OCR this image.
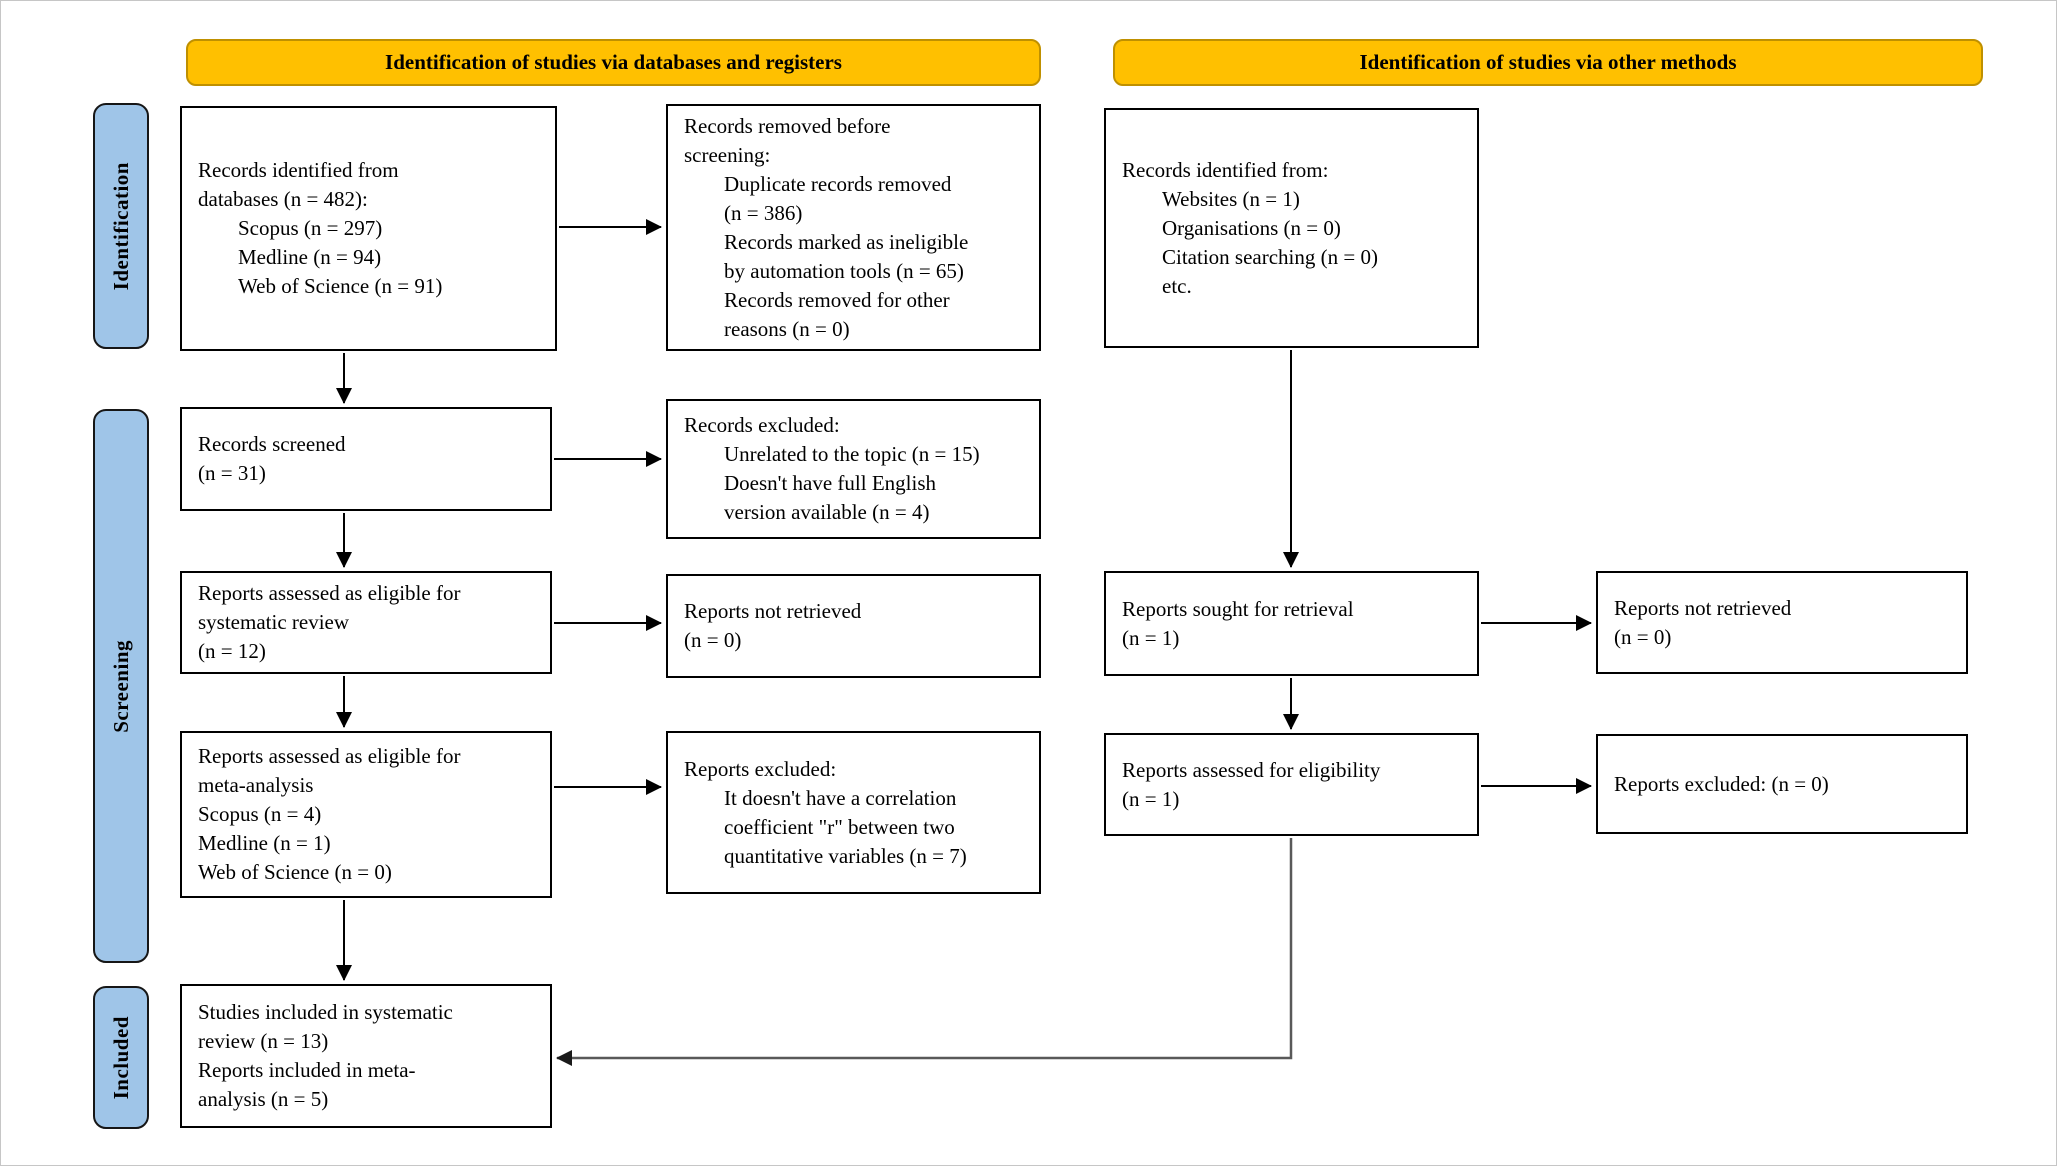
Identification of studies via databases and registers	Identification of studies via other methods
Identification
Screening
Included
Records identified from
databases (n = 482):
Scopus (n = 297)
Medline (n = 94)
Web of Science (n = 91)
Records removed before
screening:
Duplicate records removed
(n = 386)
Records marked as ineligible
by automation tools (n = 65)
Records removed for other
reasons (n = 0)
Records identified from:
Websites (n = 1)
Organisations (n = 0)
Citation searching (n = 0)
etc.
Records screened
(n = 31)
Records excluded:
Unrelated to the topic (n = 15)
Doesn't have full English
version available (n = 4)
Reports assessed as eligible for
systematic review
(n = 12)
Reports not retrieved
(n = 0)
Reports sought for retrieval
(n = 1)
Reports not retrieved
(n = 0)
Reports assessed as eligible for
meta-analysis
Scopus (n = 4)
Medline (n = 1)
Web of Science (n = 0)
Reports excluded:
It doesn't have a correlation
coefficient "r" between two
quantitative variables (n = 7)
Reports assessed for eligibility
(n = 1)
Reports excluded: (n = 0)
Studies included in systematic
review (n = 13)
Reports included in meta-
analysis (n = 5)
